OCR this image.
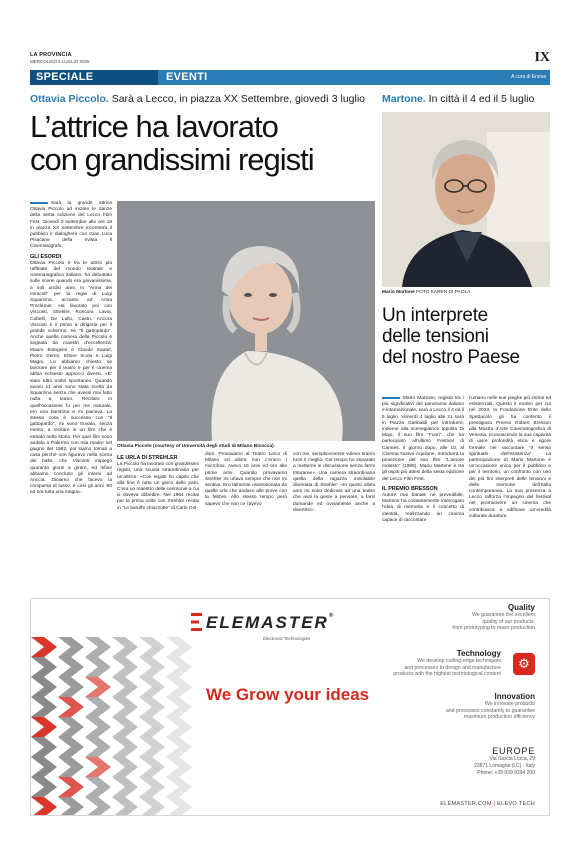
LA PROVINCIA
MERCOLEDÌ 2 LUGLIO 2025	IX
SPECIALE	EVENTI	A cura di Enova
Ottavia Piccolo. Sarà a Lecco, in piazza XX Settembre, giovedì 3 luglio
L’attrice ha lavorato
con grandissimi registi
Sarà la grande attrice Ottavia Piccolo ad inizare le danze della sesta edizione del Lecco Film Fest. Giovedì 3 settembre alle ore 18 in piazza XX settembre incontrerà il pubblico e dialogherà con Gian Luca Pisacane della rivista Il Cinematografo.
GLI ESORDI
Ottavia Piccolo è tra le attrici più raffinate del mondo teatrale e cinematografico italiano, ha debuttato sulle scene quando era giovanissima, a soli undici anni, in “Anna dei miracoli” per la regia di Luigi Squarzina, accanto ad Anna Proclemer. Ha lavorato poi con Visconti, Strehler, Ronconi, Lavia, Cobelli, De Lullo, Castri. Ancora Visconti è il primo a dirigerla per il grande schermo, ne “Il gattopardo”. Anche quella carriera della Piccolo è segnata da maestri d’eccellenza: Mauro Bolognini e Claude Sautet, Pietro Germi, Ettore Scola e Luigi Magni. Lo abbiamo chiesto se lavorare per il teatro e per il cinema abbia richiesto approcci diversi. «È’ stato tutto molto spontaneo. Quando avevo 11 anni sono stata scelta da Squarzina senza che avessi mai fatto nulla a teatro. Recitare in quell’occasione fu per me naturale, ero una bambina e mi piaceva. La stessa cosa è successa con “Il gattopardo”, mi sono trovata, senza merito, a recitare in un film che è entrato nella storia. Per quel film sono andata a Palermo con mia madre nel giugno del 1962, poi siamo tornati a casa perché non figuravo nella scena del ballo, che Visconti impiegò quaranta giorni a girare, ed infine abbiamo concluso gli interni ad Ariccia. Diciamo che facevo la comparsa di lusso, è così gli anni ‘60 ed era tutta una magia».
Ottavia Piccolo (courtesy of Università degli studi di Milano Bicocca)
LE URLA DI STREHLER
La Piccolo ha lavorato con grandissimi registi, una scuola straordinaria per un’attrice: «Con registi ho capito che alla fine è tutto un gioco delle parti. C’era un maestro delle cerimonie a cui si doveva obbedire. Nel 1964 recitai per la prima volta con Strehler recitai in “Le baruffe chiozzotte” di Carlo Gol-
doni. Provavamo al Teatro Lirico di Milano ed allora non c’erano i microfoni. Avevo 15 anni ed ero alle prime armi. Quando provavamo Strehler mi urlava sempre che non mi sentiva. Ero talmente ossessionata da quelle urla che andavo alle prove con la febbre. Allo stesso tempo però sapevo che non ce l’avevo
con me, semplicemente voleva tirarmi fuori il meglio. Col tempo ho imparato a mettermi in discussione senza farmi trituraree». Una carriera straordinaria quella della ragazza inviolabile diventata di Strehler: «In questi ultimi anni mi sono dedicata ad una teatro che aiuti la gente a pensare, a farsi domande ed ovviamente anche a divertirsi».
Martone. In città il 4 ed il 5 luglio
Mario Martone FOTO KAREN DI PAOLA
Un interprete
delle tensioni
del nostro Paese
Mario Martone, regista tra i più significativi del panorama italiano e internazionale, sarà a Lecco il 4 ed il 5 luglio. Venerdì 4 luglio alle 21 sarà in Piazza Garibaldi per introdurre, insieme alla scenegiatrice Ippolita Di Majo, il suo film “Fuori”, che ha partecipato all’ultimo Festival di Cannes. Il giorno dopo, alle 10, al Cinema Nuovo Aquilone, introdurrà la proiezione del suo film “L’amore molesto” (1995). Mario Martone è tra gli ospiti più attesi della sesta edizione del Lecco Film Fest.
IL PREMIO BRESSON
Autore mai banale né prevedibile, Martone ha costantemente interrogato l’idea di memoria e il concetto di identità, realizzando un cinema capace di raccontare
l’umano nelle sue pieghe più intime ed esistenziali. Questo il motivo per cui nel 2023, la Fondazione Ente dello Spettacolo gli ha conferito il prestigioso Premio Robert Bresson alla Mostra d’Arte Cinematografica di Venezia, riconoscendo la sua capacità di unire profondità etica e rigore formale nel raccontare “il senso spirituale dell’esistenza”. La partecipazione di Mario Martone è un’occasione unica per il pubblico e per il territorio, un confronto con uno dei più fini interpreti delle tensioni e delle memorie dell’Italia contemporanea. La sua presenza a Lecco rafforza l’impegno del festival nel promuovere un cinema che contribuisca a edificare un’eredità culturale durature.
ELEMASTER®
Electronic Technologies
We Grow your ideas
Quality
We guarantee the excellent
quality of our products,
from prototyping to mass production
Technology
We develop cutting-edge techniques
and processes to design and manufacture
products with the highest technological content
⚙
Innovation
We innovate products
and processes constantly to guarantee
maximum production efficiency
EUROPE
Via Garcia Lorca, 29
23871 Lomagna (LC) · Italy
Phone: +39 039 9394 200
ELEMASTER.COM | ELEVO.TECH
